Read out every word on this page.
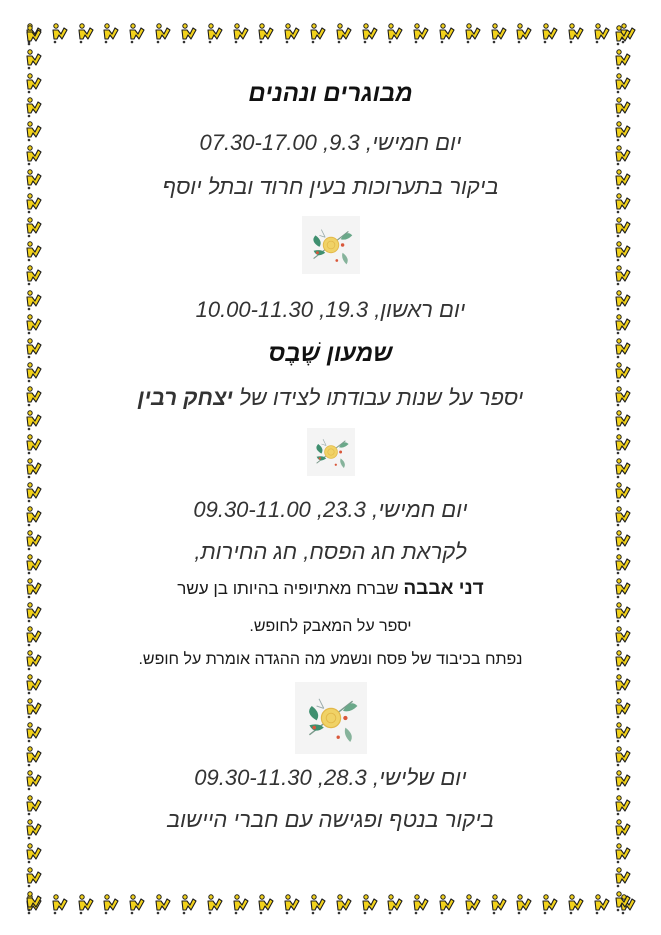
מבוגרים ונהנים
יום חמישי, 9.3, 07.30-17.00
ביקור בתערוכות בעין חרוד ובתל יוסף
יום ראשון, 19.3, 10.00-11.30
שמעון שֶׁבֶס
יספר על שנות עבודתו לצידו של יצחק רבין
יום חמישי, 23.3, 09.30-11.00
לקראת חג הפסח, חג החירות,
דני אבבה שברח מאתיופיה בהיותו בן עשר
יספר על המאבק לחופש.
נפתח בכיבוד של פסח ונשמע מה ההגדה אומרת על חופש.
יום שלישי, 28.3, 09.30-11.30
ביקור בנטף ופגישה עם חברי היישוב
